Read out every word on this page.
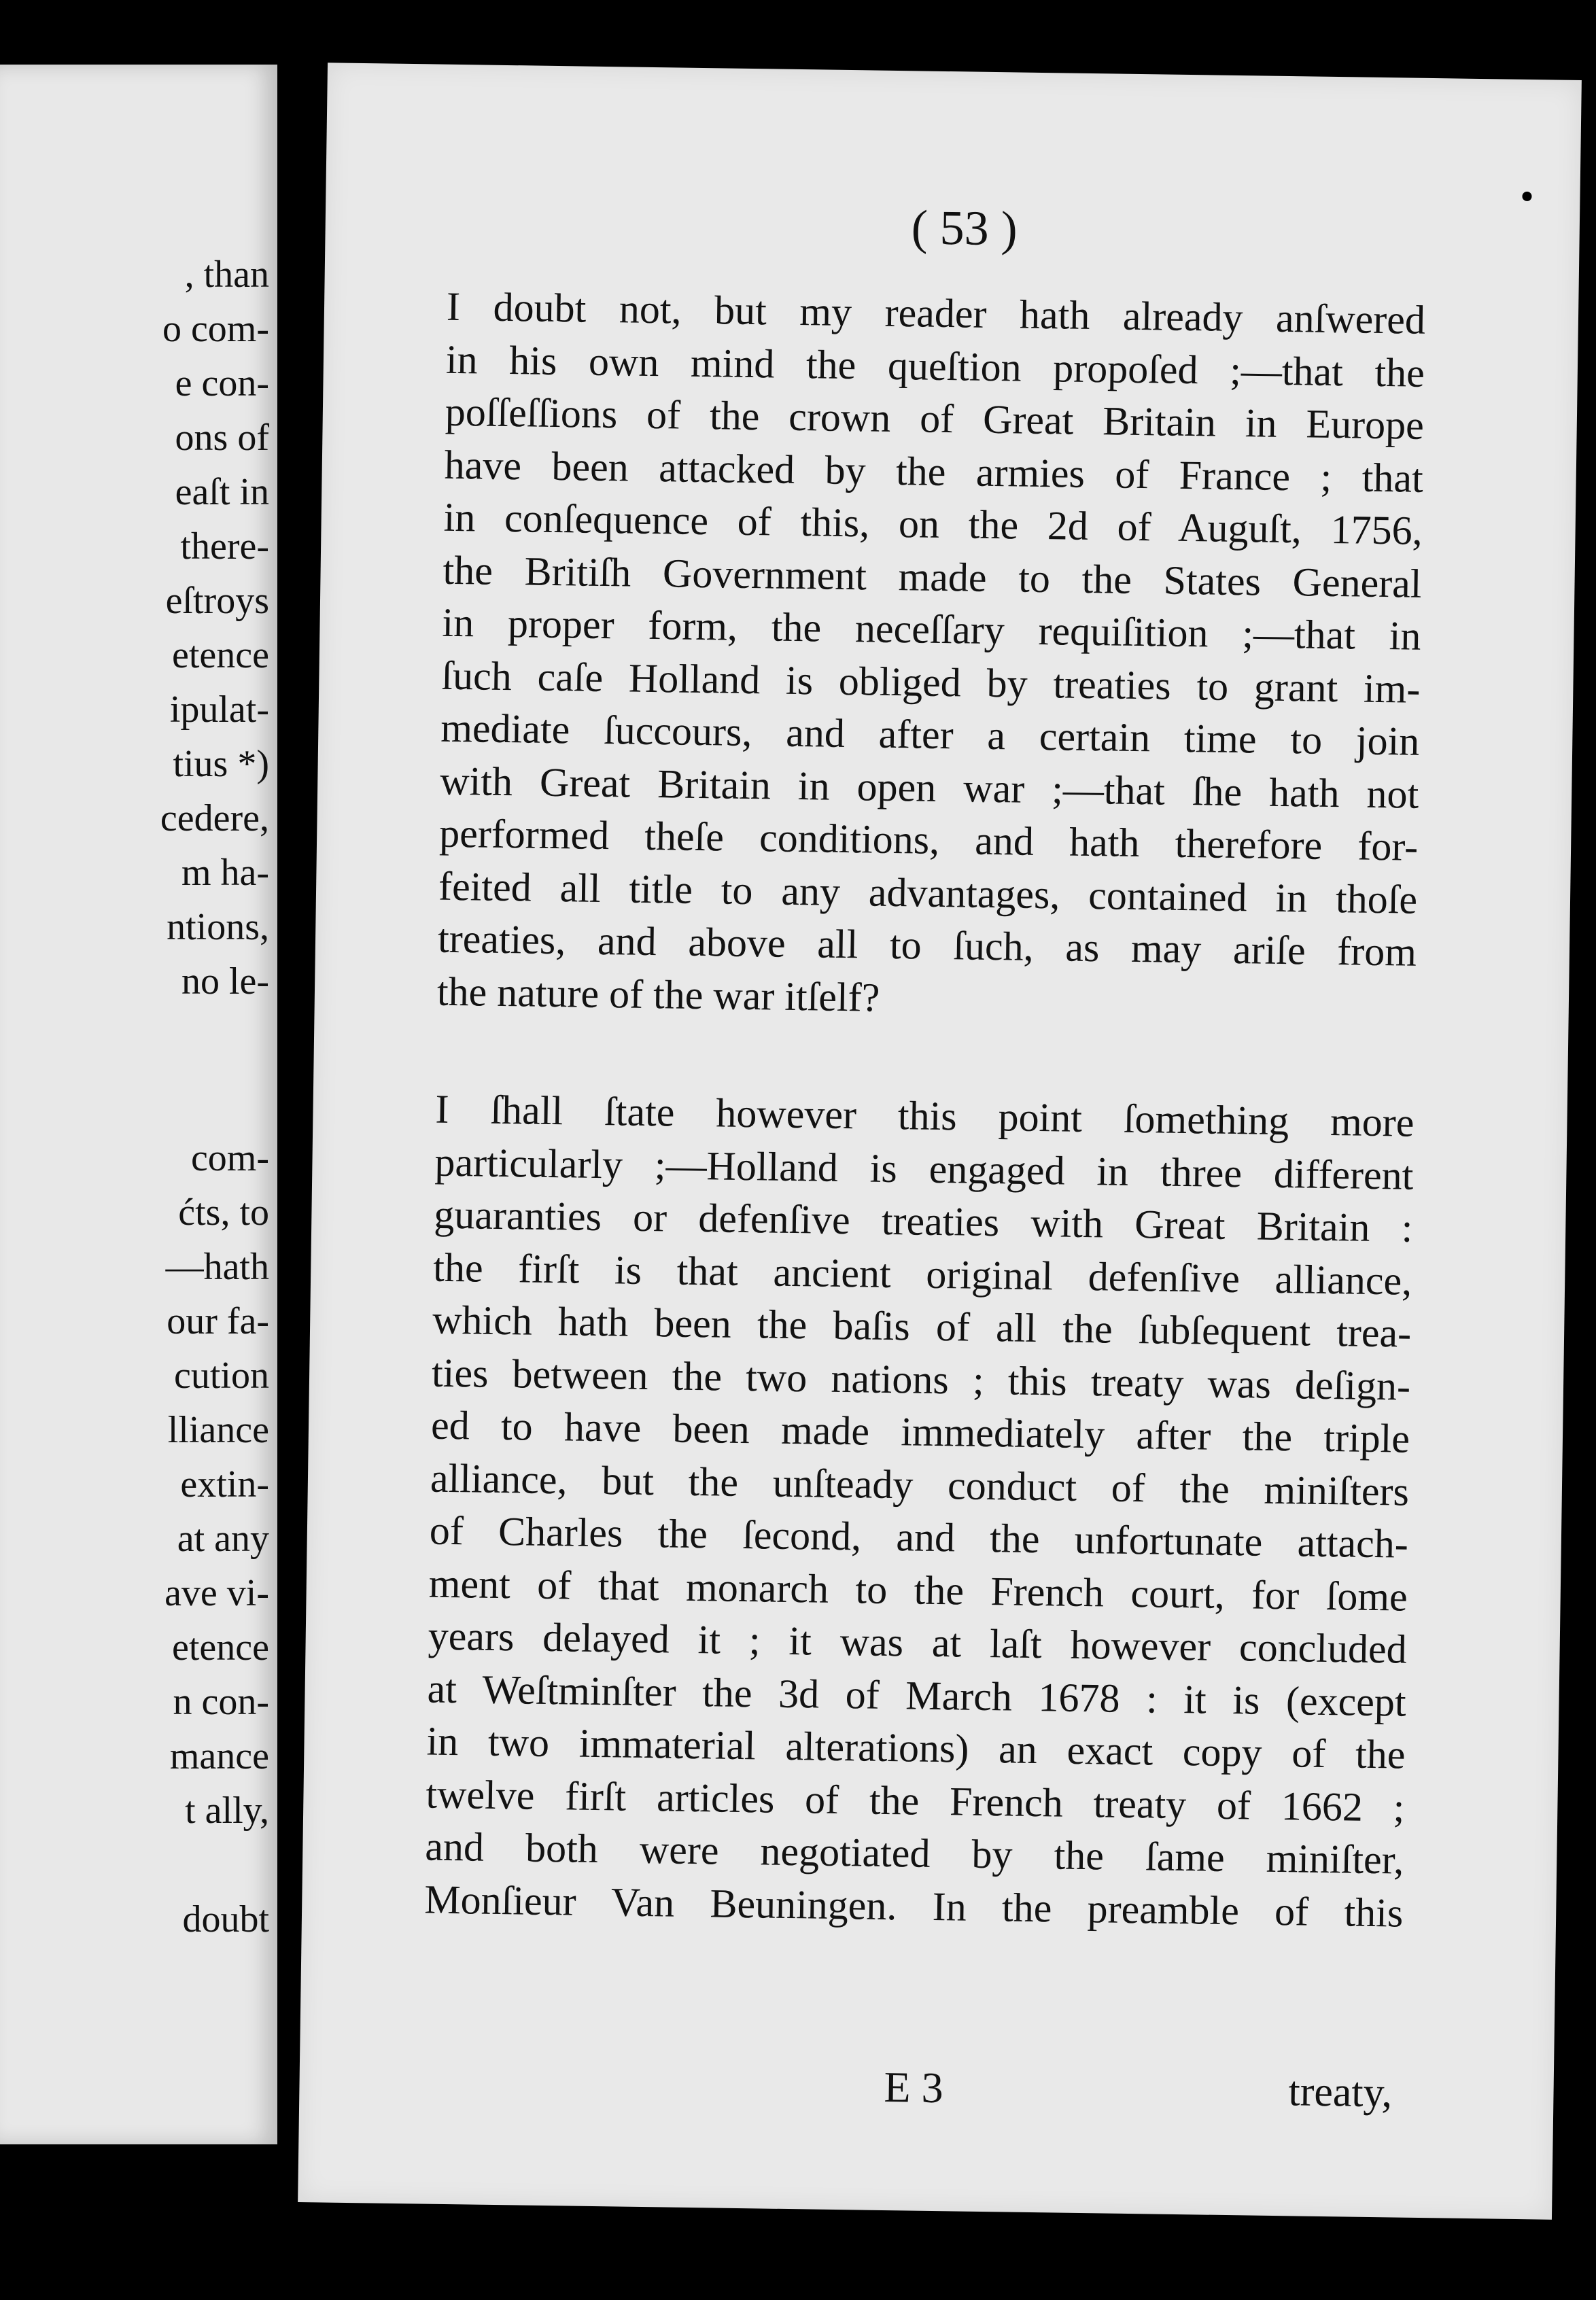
, than
o com-
e con-
ons of
eaſt in
there-
eſtroys
etence
ipulat-
tius *)
cedere,
m ha-
ntions,
no le-
com-
ćts, to
—hath
our fa-
cution
lliance
extin-
at any
ave vi-
etence
n con-
mance
t ally,
doubt
( 53 )
I doubt not, but my reader hath already anſwered
in his own mind the queſtion propoſed ;—that the
poſſeſſions of the crown of Great Britain in Europe
have been attacked by the armies of France ; that
in conſequence of this, on the 2d of Auguſt, 1756,
the Britiſh Government made to the States General
in proper form, the neceſſary requiſition ;—that in
ſuch caſe Holland is obliged by treaties to grant im-
mediate ſuccours, and after a certain time to join
with Great Britain in open war ;—that ſhe hath not
performed theſe conditions, and hath therefore for-
feited all title to any advantages, contained in thoſe
treaties, and above all to ſuch, as may ariſe from
the nature of the war itſelf?
I ſhall ſtate however this point ſomething more
particularly ;—Holland is engaged in three different
guaranties or defenſive treaties with Great Britain :
the firſt is that ancient original defenſive alliance,
which hath been the baſis of all the ſubſequent trea-
ties between the two nations ; this treaty was deſign-
ed to have been made immediately after the triple
alliance, but the unſteady conduct of the miniſters
of Charles the ſecond, and the unfortunate attach-
ment of that monarch to the French court, for ſome
years delayed it ; it was at laſt however concluded
at Weſtminſter the 3d of March 1678 : it is (except
in two immaterial alterations) an exact copy of the
twelve firſt articles of the French treaty of 1662 ;
and both were negotiated by the ſame miniſter,
Monſieur Van Beuningen. In the preamble of this
E 3	treaty,
